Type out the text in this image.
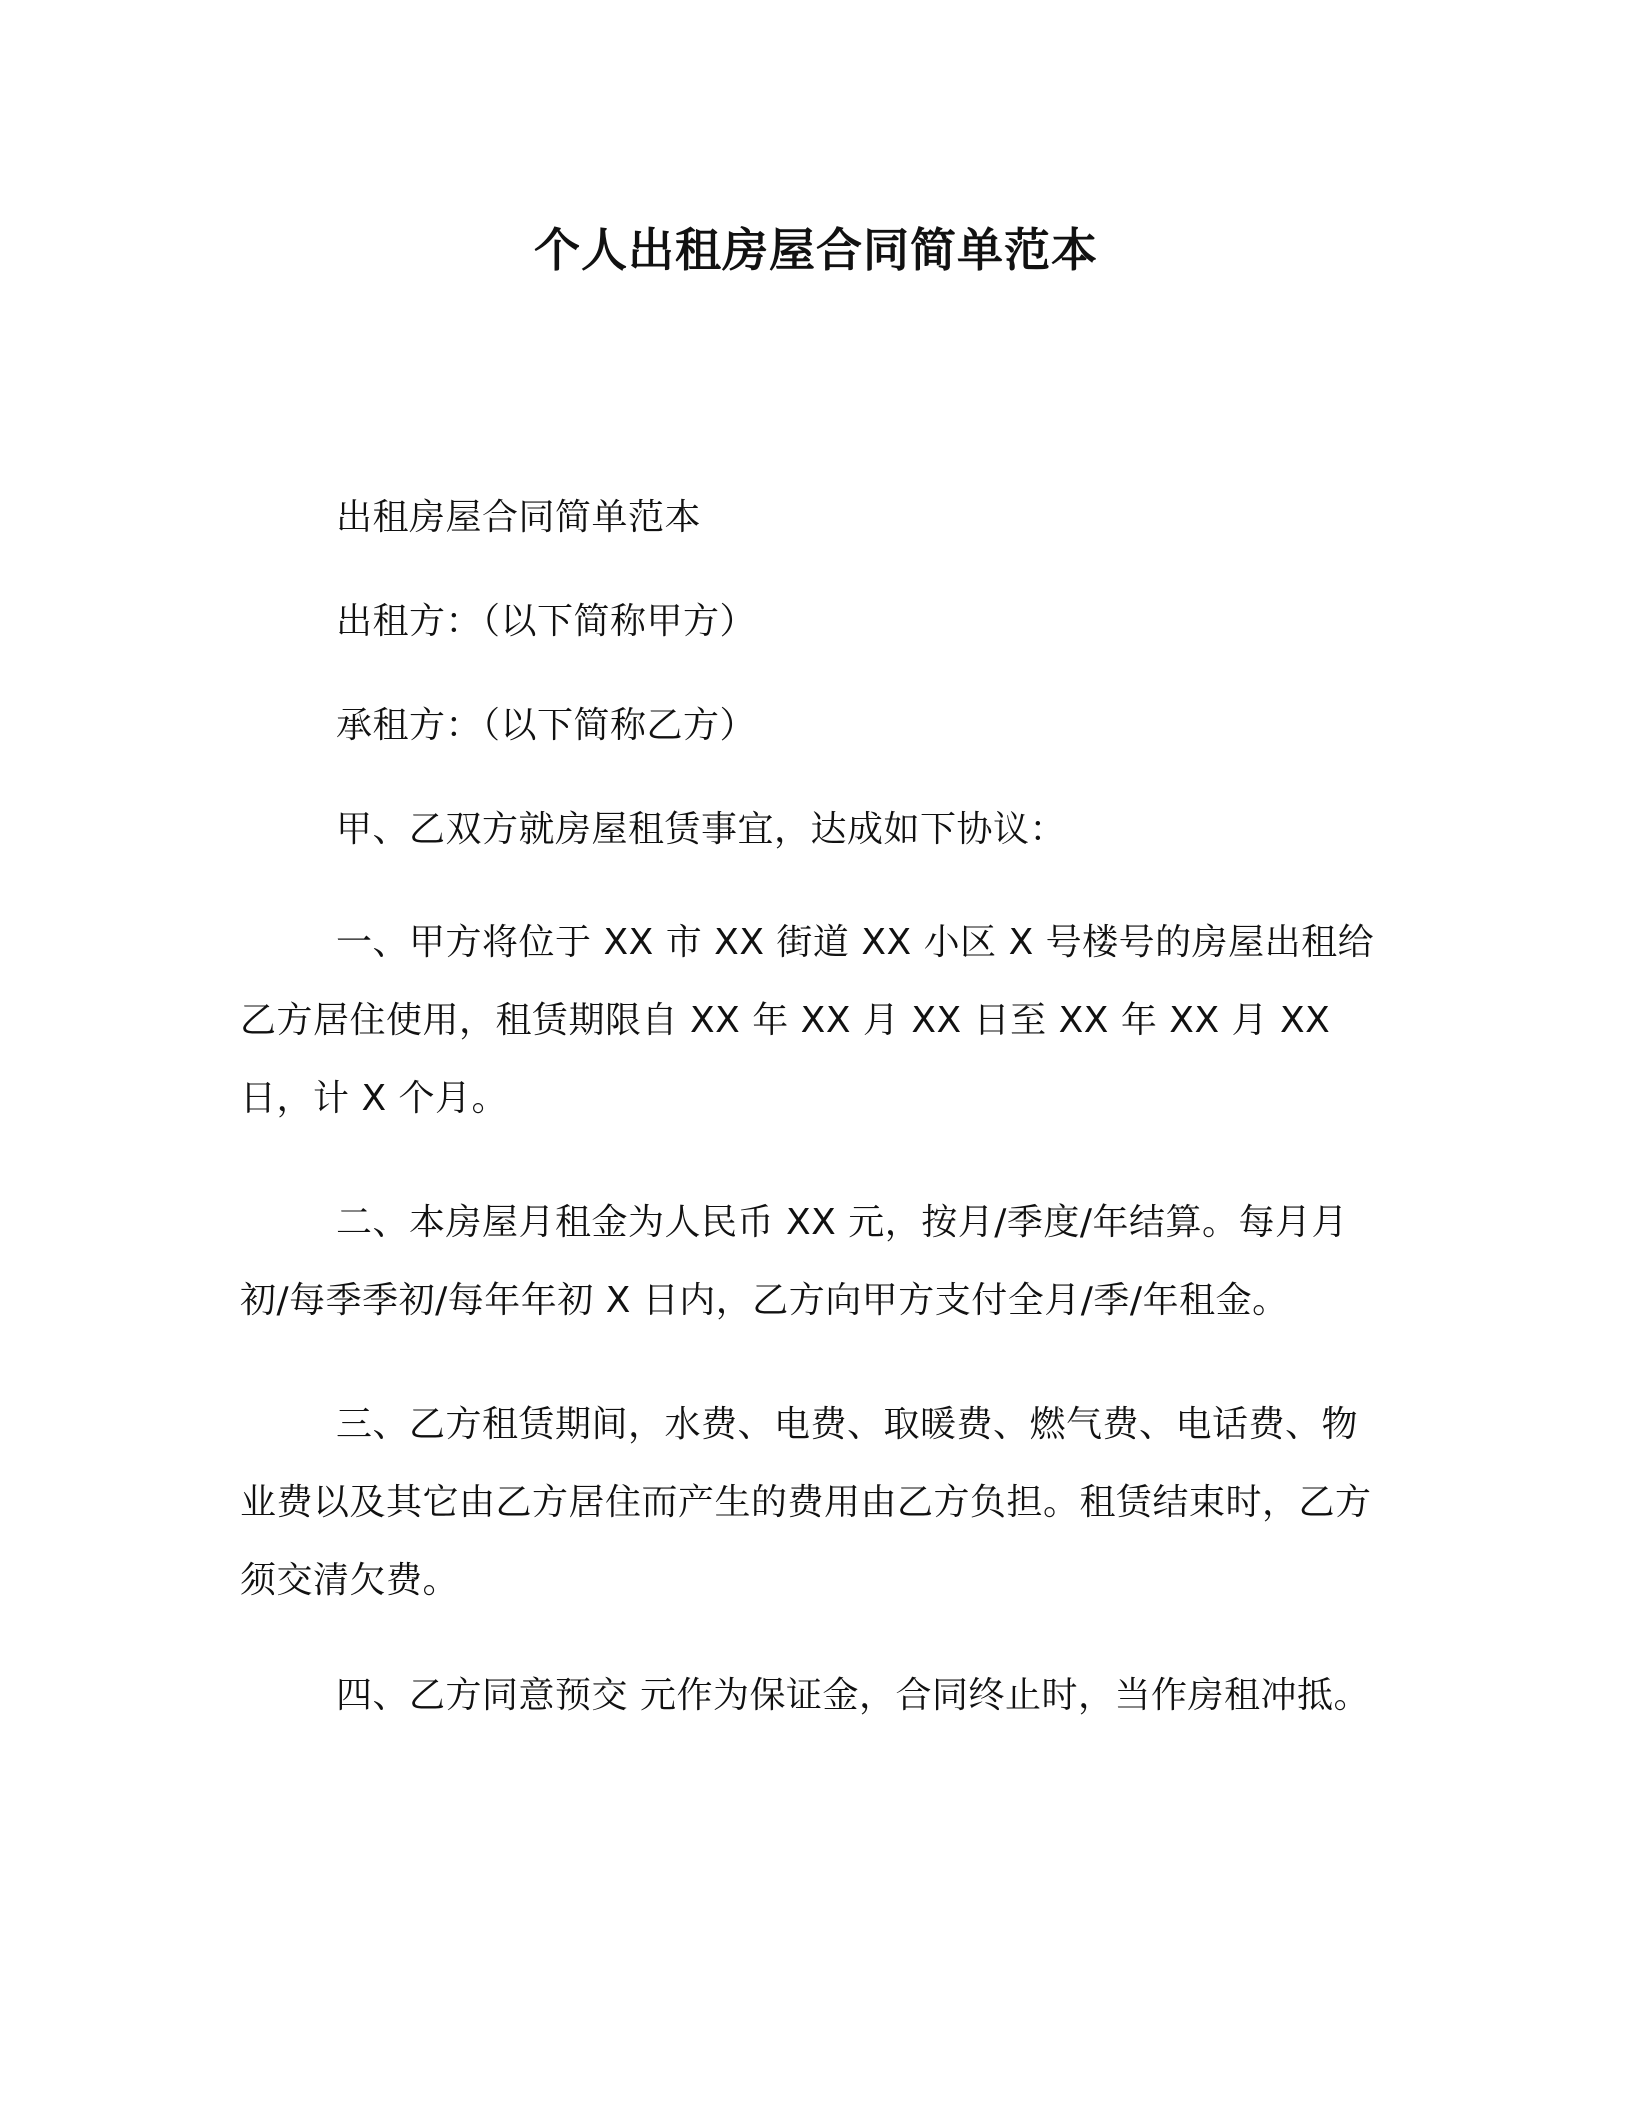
个人出租房屋合同简单范本

出租房屋合同简单范本

出租方：（以下简称甲方）

承租方：（以下简称乙方）

甲、乙双方就房屋租赁事宜，达成如下协议：

一、甲方将位于 XX 市 XX 街道 XX 小区 X 号楼号的房屋出租给乙方居住使用，租赁期限自 XX 年 XX 月 XX 日至 XX 年 XX 月 XX 日，计 X 个月。

二、本房屋月租金为人民币 XX 元，按月/季度/年结算。每月月初/每季季初/每年年初 X 日内，乙方向甲方支付全月/季/年租金。

三、乙方租赁期间，水费、电费、取暖费、燃气费、电话费、物业费以及其它由乙方居住而产生的费用由乙方负担。租赁结束时，乙方须交清欠费。

四、乙方同意预交 元作为保证金，合同终止时，当作房租冲抵。
